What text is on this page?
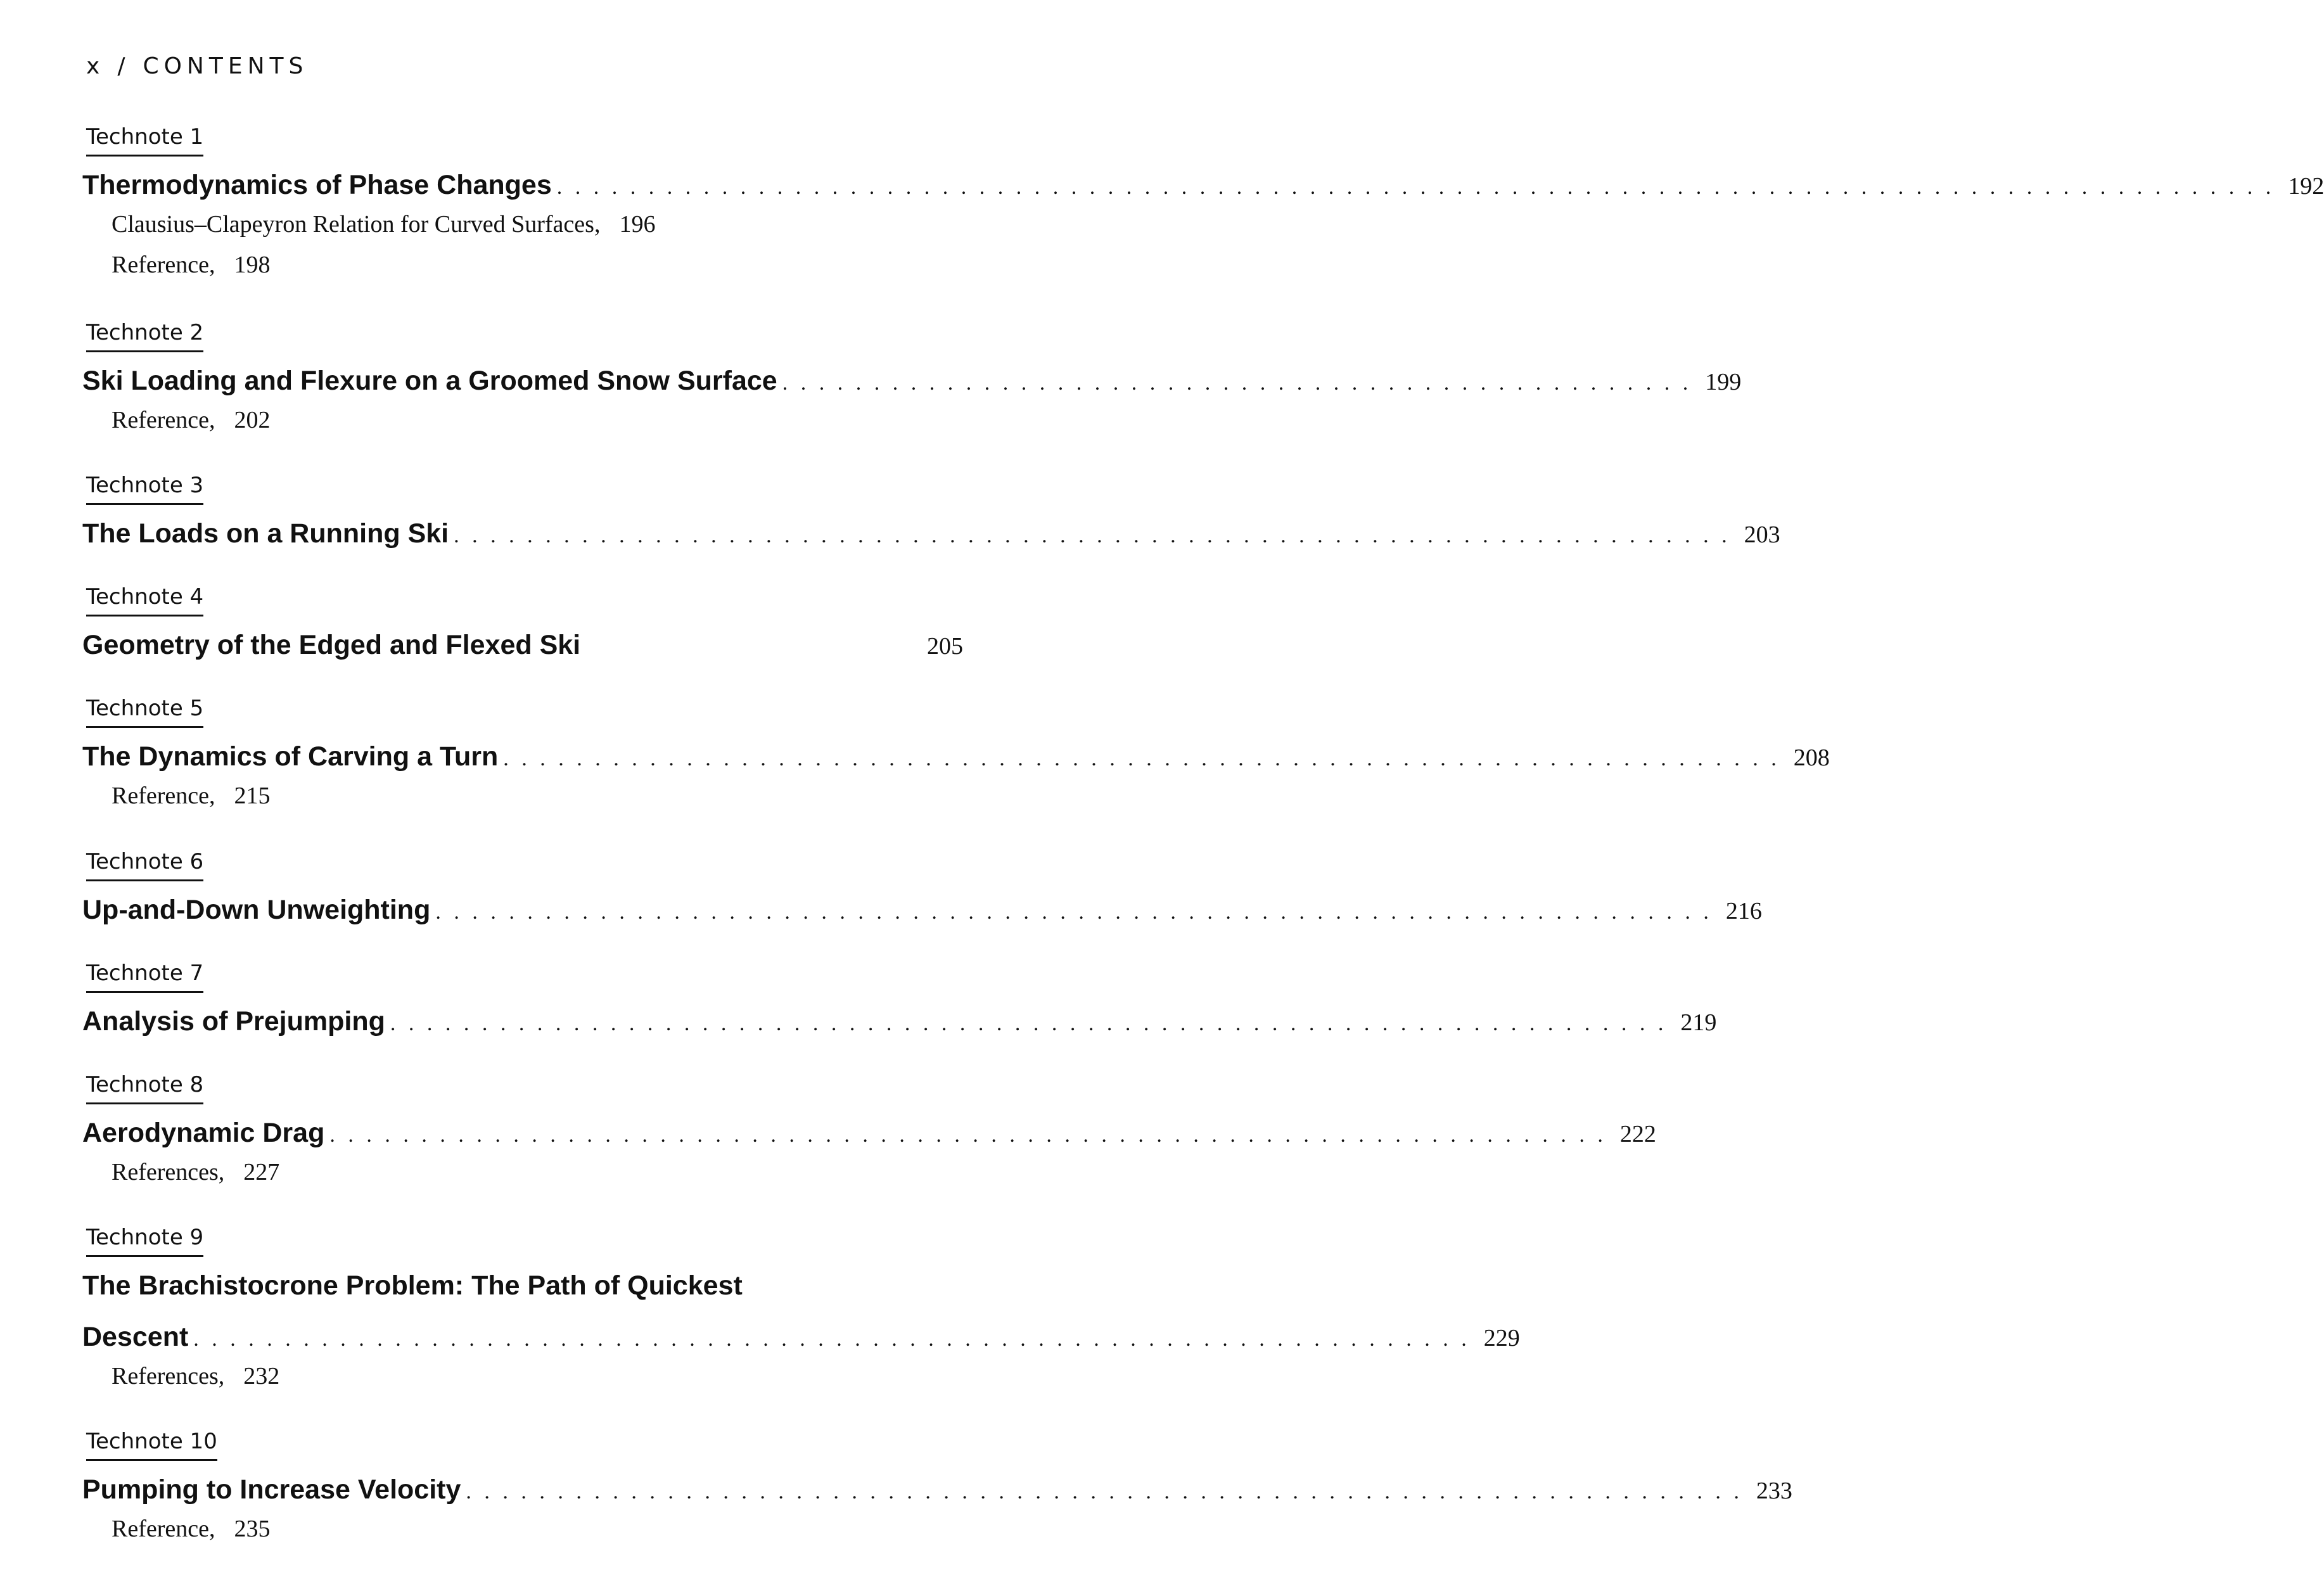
x / CONTENTS
Technote 1
Thermodynamics of Phase Changes . . . . . . . . . . . . . . . . . . . . . . . . . . . . . . . . . . . . . . . . . . . . . . . . . . . . . . . . . . . . . . . . . . . . . . . . . . . . . . . . . . . . . . . . . . . . . . 192
Clausius–Clapeyron Relation for Curved Surfaces, 196
Reference, 198
Technote 2
Ski Loading and Flexure on a Groomed Snow Surface . . . . . . . . . . . . . . . . . . . . . . . . . . . . . . . . . . . . . . . . . . . . . . . . . . 199
Reference, 202
Technote 3
The Loads on a Running Ski . . . . . . . . . . . . . . . . . . . . . . . . . . . . . . . . . . . . . . . . . . . . . . . . . . . . . . . . . . . . . . . . . . . . . . 203
Technote 4
Geometry of the Edged and Flexed Ski	205
Technote 5
The Dynamics of Carving a Turn . . . . . . . . . . . . . . . . . . . . . . . . . . . . . . . . . . . . . . . . . . . . . . . . . . . . . . . . . . . . . . . . . . . . . . 208
Reference, 215
Technote 6
Up-and-Down Unweighting . . . . . . . . . . . . . . . . . . . . . . . . . . . . . . . . . . . . . . . . . . . . . . . . . . . . . . . . . . . . . . . . . . . . . . 216
Technote 7
Analysis of Prejumping . . . . . . . . . . . . . . . . . . . . . . . . . . . . . . . . . . . . . . . . . . . . . . . . . . . . . . . . . . . . . . . . . . . . . . 219
Technote 8
Aerodynamic Drag . . . . . . . . . . . . . . . . . . . . . . . . . . . . . . . . . . . . . . . . . . . . . . . . . . . . . . . . . . . . . . . . . . . . . . 222
References, 227
Technote 9
The Brachistocrone Problem: The Path of Quickest
Descent . . . . . . . . . . . . . . . . . . . . . . . . . . . . . . . . . . . . . . . . . . . . . . . . . . . . . . . . . . . . . . . . . . . . . . 229
References, 232
Technote 10
Pumping to Increase Velocity . . . . . . . . . . . . . . . . . . . . . . . . . . . . . . . . . . . . . . . . . . . . . . . . . . . . . . . . . . . . . . . . . . . . . . 233
Reference, 235
